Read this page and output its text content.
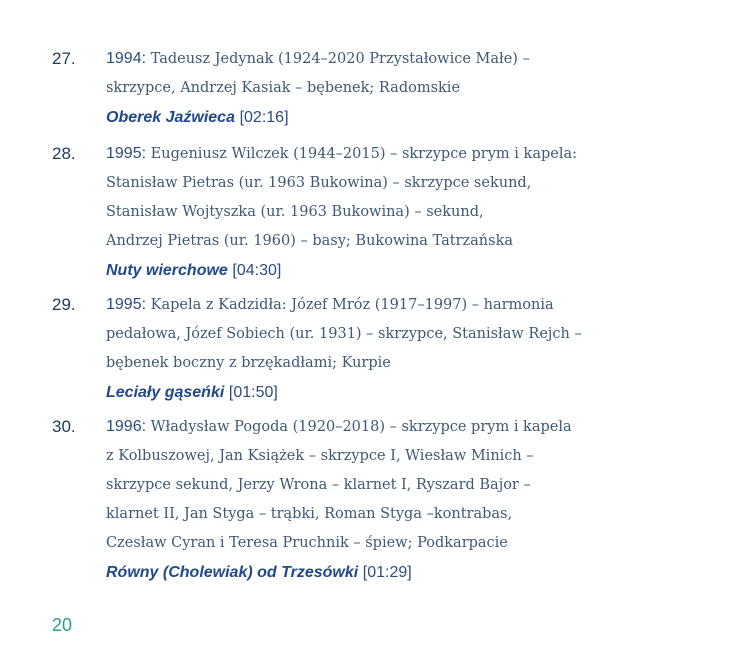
27. 1994: Tadeusz Jedynak (1924–2020 Przystałowice Małe) –
skrzypce, Andrzej Kasiak – bębenek; Radomskie
Oberek Jaźwieca [02:16]
28. 1995: Eugeniusz Wilczek (1944–2015) – skrzypce prym i kapela:
Stanisław Pietras (ur. 1963 Bukowina) – skrzypce sekund,
Stanisław Wojtyszka (ur. 1963 Bukowina) – sekund,
Andrzej Pietras (ur. 1960) – basy; Bukowina Tatrzańska
Nuty wierchowe [04:30]
29. 1995: Kapela z Kadzidła: Józef Mróz (1917–1997) – harmonia
pedałowa, Józef Sobiech (ur. 1931) – skrzypce, Stanisław Rejch –
bębenek boczny z brzękadłami; Kurpie
Leciały gąseńki [01:50]
30. 1996: Władysław Pogoda (1920–2018) – skrzypce prym i kapela
z Kolbuszowej, Jan Książek – skrzypce I, Wiesław Minich –
skrzypce sekund, Jerzy Wrona – klarnet I, Ryszard Bajor –
klarnet II, Jan Styga – trąbki, Roman Styga –kontrabas,
Czesław Cyran i Teresa Pruchnik – śpiew; Podkarpacie
Równy (Cholewiak) od Trzesówki [01:29]
20
